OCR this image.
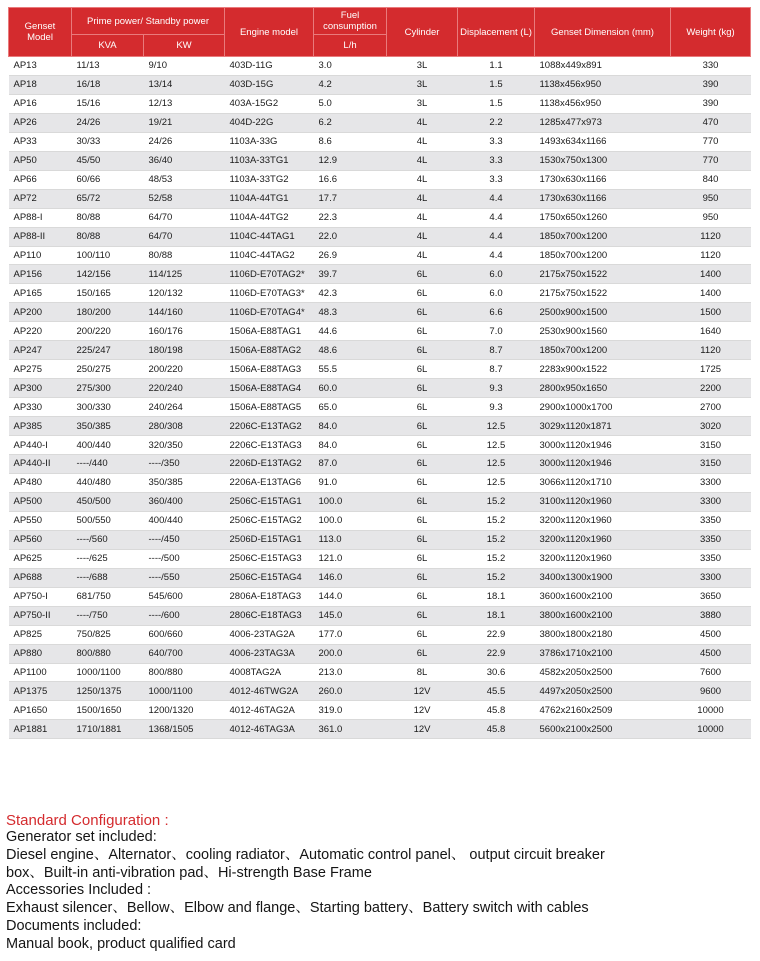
Genset Model	Prime power/ Standby power		Engine model	Fuel consumption	Cylinder	Displacement (L)	Genset Dimension (mm)	Weight (kg)
	KVA	KW		L/h				
AP13	11/13	9/10	403D-11G	3.0	3L	1.1	1088x449x891	330
AP18	16/18	13/14	403D-15G	4.2	3L	1.5	1138x456x950	390
AP16	15/16	12/13	403A-15G2	5.0	3L	1.5	1138x456x950	390
AP26	24/26	19/21	404D-22G	6.2	4L	2.2	1285x477x973	470
AP33	30/33	24/26	1103A-33G	8.6	4L	3.3	1493x634x1166	770
AP50	45/50	36/40	1103A-33TG1	12.9	4L	3.3	1530x750x1300	770
AP66	60/66	48/53	1103A-33TG2	16.6	4L	3.3	1730x630x1166	840
AP72	65/72	52/58	1104A-44TG1	17.7	4L	4.4	1730x630x1166	950
AP88-I	80/88	64/70	1104A-44TG2	22.3	4L	4.4	1750x650x1260	950
AP88-II	80/88	64/70	1104C-44TAG1	22.0	4L	4.4	1850x700x1200	1120
AP110	100/110	80/88	1104C-44TAG2	26.9	4L	4.4	1850x700x1200	1120
AP156	142/156	114/125	1106D-E70TAG2*	39.7	6L	6.0	2175x750x1522	1400
AP165	150/165	120/132	1106D-E70TAG3*	42.3	6L	6.0	2175x750x1522	1400
AP200	180/200	144/160	1106D-E70TAG4*	48.3	6L	6.6	2500x900x1500	1500
AP220	200/220	160/176	1506A-E88TAG1	44.6	6L	7.0	2530x900x1560	1640
AP247	225/247	180/198	1506A-E88TAG2	48.6	6L	8.7	1850x700x1200	1120
AP275	250/275	200/220	1506A-E88TAG3	55.5	6L	8.7	2283x900x1522	1725
AP300	275/300	220/240	1506A-E88TAG4	60.0	6L	9.3	2800x950x1650	2200
AP330	300/330	240/264	1506A-E88TAG5	65.0	6L	9.3	2900x1000x1700	2700
AP385	350/385	280/308	2206C-E13TAG2	84.0	6L	12.5	3029x1120x1871	3020
AP440-I	400/440	320/350	2206C-E13TAG3	84.0	6L	12.5	3000x1120x1946	3150
AP440-II	----/440	----/350	2206D-E13TAG2	87.0	6L	12.5	3000x1120x1946	3150
AP480	440/480	350/385	2206A-E13TAG6	91.0	6L	12.5	3066x1120x1710	3300
AP500	450/500	360/400	2506C-E15TAG1	100.0	6L	15.2	3100x1120x1960	3300
AP550	500/550	400/440	2506C-E15TAG2	100.0	6L	15.2	3200x1120x1960	3350
AP560	----/560	----/450	2506D-E15TAG1	113.0	6L	15.2	3200x1120x1960	3350
AP625	----/625	----/500	2506C-E15TAG3	121.0	6L	15.2	3200x1120x1960	3350
AP688	----/688	----/550	2506C-E15TAG4	146.0	6L	15.2	3400x1300x1900	3300
AP750-I	681/750	545/600	2806A-E18TAG3	144.0	6L	18.1	3600x1600x2100	3650
AP750-II	----/750	----/600	2806C-E18TAG3	145.0	6L	18.1	3800x1600x2100	3880
AP825	750/825	600/660	4006-23TAG2A	177.0	6L	22.9	3800x1800x2180	4500
AP880	800/880	640/700	4006-23TAG3A	200.0	6L	22.9	3786x1710x2100	4500
AP1100	1000/1100	800/880	4008TAG2A	213.0	8L	30.6	4582x2050x2500	7600
AP1375	1250/1375	1000/1100	4012-46TWG2A	260.0	12V	45.5	4497x2050x2500	9600
AP1650	1500/1650	1200/1320	4012-46TAG2A	319.0	12V	45.8	4762x2160x2509	10000
AP1881	1710/1881	1368/1505	4012-46TAG3A	361.0	12V	45.8	5600x2100x2500	10000
Standard Configuration :
Generator set included:
Diesel engine、Alternator、cooling radiator、Automatic control panel、 output circuit breaker
box、Built-in anti-vibration pad、Hi-strength Base Frame
Accessories Included :
Exhaust silencer、Bellow、Elbow and flange、Starting battery、Battery switch with cables
Documents included:
Manual book, product qualified card
